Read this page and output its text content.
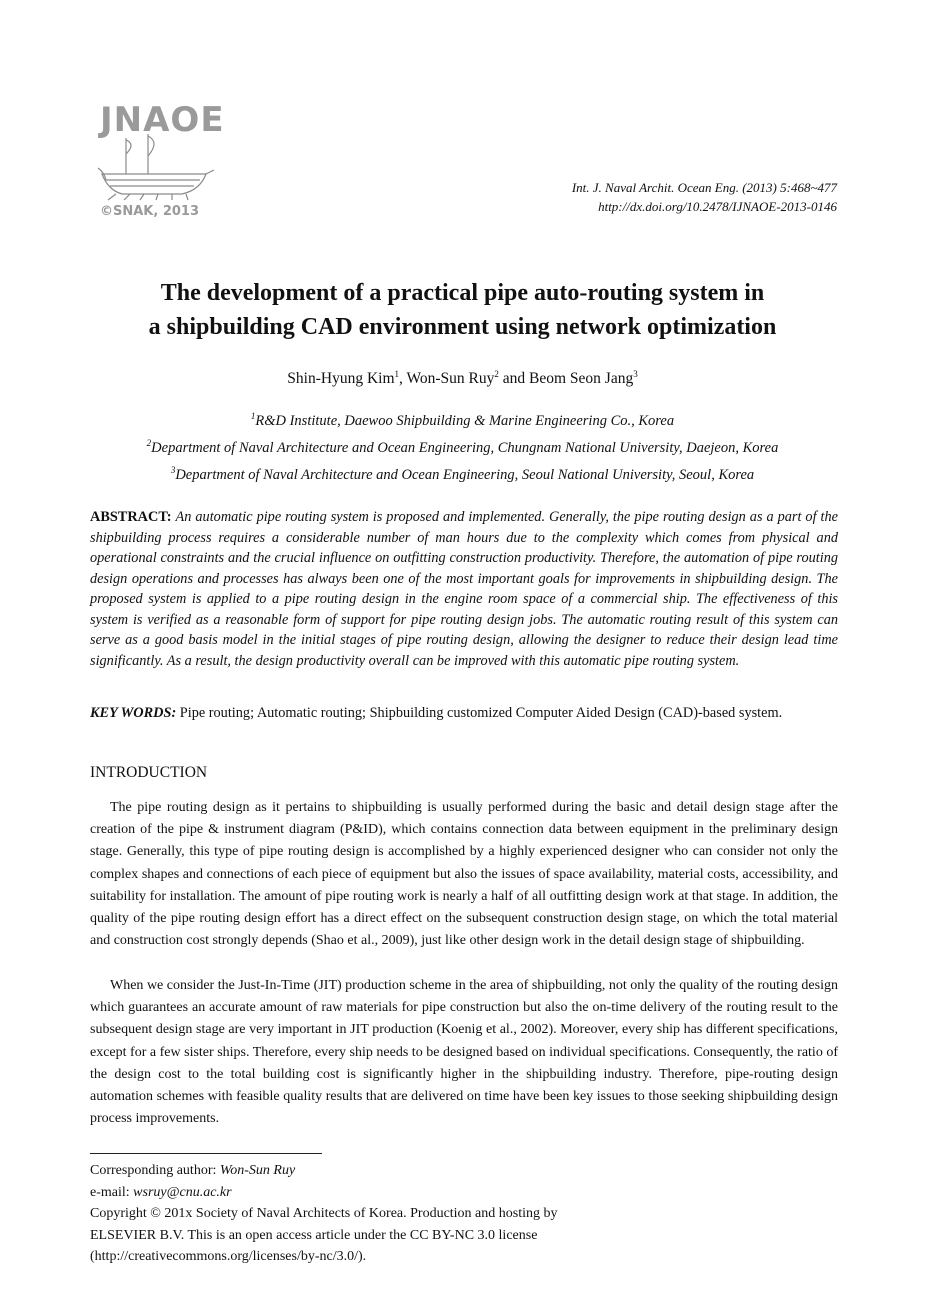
JNAOE
©SNAK, 2013
Int. J. Naval Archit. Ocean Eng. (2013) 5:468~477
http://dx.doi.org/10.2478/IJNAOE-2013-0146
The development of a practical pipe auto-routing system in
a shipbuilding CAD environment using network optimization
Shin-Hyung Kim$^1$, Won-Sun Ruy$^2$ and Beom Seon Jang$^3$
$^1$R&D Institute, Daewoo Shipbuilding & Marine Engineering Co., Korea
$^2$Department of Naval Architecture and Ocean Engineering, Chungnam National University, Daejeon, Korea
$^3$Department of Naval Architecture and Ocean Engineering, Seoul National University, Seoul, Korea
ABSTRACT: An automatic pipe routing system is proposed and implemented. Generally, the pipe routing design as a part of the shipbuilding process requires a considerable number of man hours due to the complexity which comes from physical and operational constraints and the crucial influence on outfitting construction productivity. Therefore, the automation of pipe routing design operations and processes has always been one of the most important goals for improvements in shipbuilding design. The proposed system is applied to a pipe routing design in the engine room space of a commercial ship. The effectiveness of this system is verified as a reasonable form of support for pipe routing design jobs. The automatic routing result of this system can serve as a good basis model in the initial stages of pipe routing design, allowing the designer to reduce their design lead time significantly. As a result, the design productivity overall can be improved with this automatic pipe routing system.
KEY WORDS: Pipe routing; Automatic routing; Shipbuilding customized Computer Aided Design (CAD)-based system.
INTRODUCTION
The pipe routing design as it pertains to shipbuilding is usually performed during the basic and detail design stage after the creation of the pipe & instrument diagram (P&ID), which contains connection data between equipment in the preliminary design stage. Generally, this type of pipe routing design is accomplished by a highly experienced designer who can consider not only the complex shapes and connections of each piece of equipment but also the issues of space availability, material costs, accessibility, and suitability for installation. The amount of pipe routing work is nearly a half of all outfitting design work at that stage. In addition, the quality of the pipe routing design effort has a direct effect on the subsequent construction design stage, on which the total material and construction cost strongly depends (Shao et al., 2009), just like other design work in the detail design stage of shipbuilding.
When we consider the Just-In-Time (JIT) production scheme in the area of shipbuilding, not only the quality of the routing design which guarantees an accurate amount of raw materials for pipe construction but also the on-time delivery of the routing result to the subsequent design stage are very important in JIT production (Koenig et al., 2002). Moreover, every ship has different specifications, except for a few sister ships. Therefore, every ship needs to be designed based on individual specifications. Consequently, the ratio of the design cost to the total building cost is significantly higher in the shipbuilding industry. Therefore, pipe-routing design automation schemes with feasible quality results that are delivered on time have been key issues to those seeking shipbuilding design process improvements.
Corresponding author: Won-Sun Ruy
e-mail: wsruy@cnu.ac.kr
Copyright © 201x Society of Naval Architects of Korea. Production and hosting by ELSEVIER B.V. This is an open access article under the CC BY-NC 3.0 license (http://creativecommons.org/licenses/by-nc/3.0/).
